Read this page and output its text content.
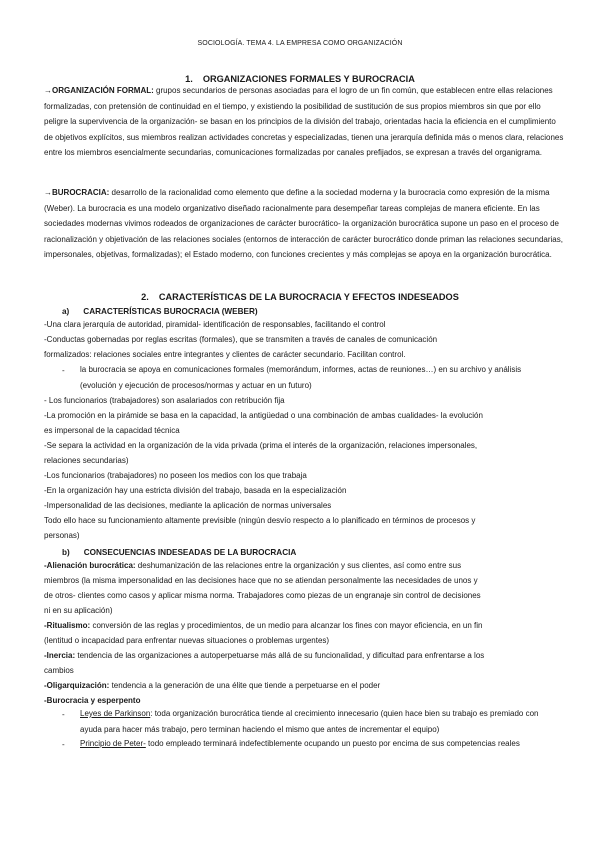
SOCIOLOGÍA. TEMA 4. LA EMPRESA COMO ORGANIZACIÓN
1. ORGANIZACIONES FORMALES Y BUROCRACIA
→ORGANIZACIÓN FORMAL: grupos secundarios de personas asociadas para el logro de un fin común, que establecen entre ellas relaciones formalizadas, con pretensión de continuidad en el tiempo, y existiendo la posibilidad de sustitución de sus propios miembros sin que por ello peligre la supervivencia de la organización- se basan en los principios de la división del trabajo, orientadas hacia la eficiencia en el cumplimiento de objetivos explícitos, sus miembros realizan actividades concretas y especializadas, tienen una jerarquía definida más o menos clara, relaciones entre los miembros esencialmente secundarias, comunicaciones formalizadas por canales prefijados, se expresan a través del organigrama.
→BUROCRACIA: desarrollo de la racionalidad como elemento que define a la sociedad moderna y la burocracia como expresión de la misma (Weber). La burocracia es una modelo organizativo diseñado racionalmente para desempeñar tareas complejas de manera eficiente. En las sociedades modernas vivimos rodeados de organizaciones de carácter burocrático- la organización burocrática supone un paso en el proceso de racionalización y objetivación de las relaciones sociales (entornos de interacción de carácter burocrático donde priman las relaciones secundarias, impersonales, objetivas, formalizadas); el Estado moderno, con funciones crecientes y más complejas se apoya en la organización burocrática.
2. CARACTERÍSTICAS DE LA BUROCRACIA Y EFECTOS INDESEADOS
a) CARACTERÍSTICAS BUROCRACIA (WEBER)
-Una clara jerarquía de autoridad, piramidal- identificación de responsables, facilitando el control
-Conductas gobernadas por reglas escritas (formales), que se transmiten a través de canales de comunicación
formalizados: relaciones sociales entre integrantes y clientes de carácter secundario. Facilitan control.
- la burocracia se apoya en comunicaciones formales (memorándum, informes, actas de reuniones…) en su archivo y análisis (evolución y ejecución de procesos/normas y actuar en un futuro)
- Los funcionarios (trabajadores) son asalariados con retribución fija
-La promoción en la pirámide se basa en la capacidad, la antigüedad o una combinación de ambas cualidades- la evolución
es impersonal de la capacidad técnica
-Se separa la actividad en la organización de la vida privada (prima el interés de la organización, relaciones impersonales,
relaciones secundarias)
-Los funcionarios (trabajadores) no poseen los medios con los que trabaja
-En la organización hay una estricta división del trabajo, basada en la especialización
-Impersonalidad de las decisiones, mediante la aplicación de normas universales
Todo ello hace su funcionamiento altamente previsible (ningún desvío respecto a lo planificado en términos de procesos y
personas)
b) CONSECUENCIAS INDESEADAS DE LA BUROCRACIA
-Alienación burocrática: deshumanización de las relaciones entre la organización y sus clientes, así como entre sus
miembros (la misma impersonalidad en las decisiones hace que no se atiendan personalmente las necesidades de unos y
de otros- clientes como casos y aplicar misma norma. Trabajadores como piezas de un engranaje sin control de decisiones
ni en su aplicación)
-Ritualismo: conversión de las reglas y procedimientos, de un medio para alcanzar los fines con mayor eficiencia, en un fin
(lentitud o incapacidad para enfrentar nuevas situaciones o problemas urgentes)
-Inercia: tendencia de las organizaciones a autoperpetuarse más allá de su funcionalidad, y dificultad para enfrentarse a los
cambios
-Oligarquización: tendencia a la generación de una élite que tiende a perpetuarse en el poder
-Burocracia y esperpento
- Leyes de Parkinson: toda organización burocrática tiende al crecimiento innecesario (quien hace bien su trabajo es premiado con ayuda para hacer más trabajo, pero terminan haciendo el mismo que antes de incrementar el equipo)
- Principio de Peter- todo empleado terminará indefectiblemente ocupando un puesto por encima de sus competencias reales
